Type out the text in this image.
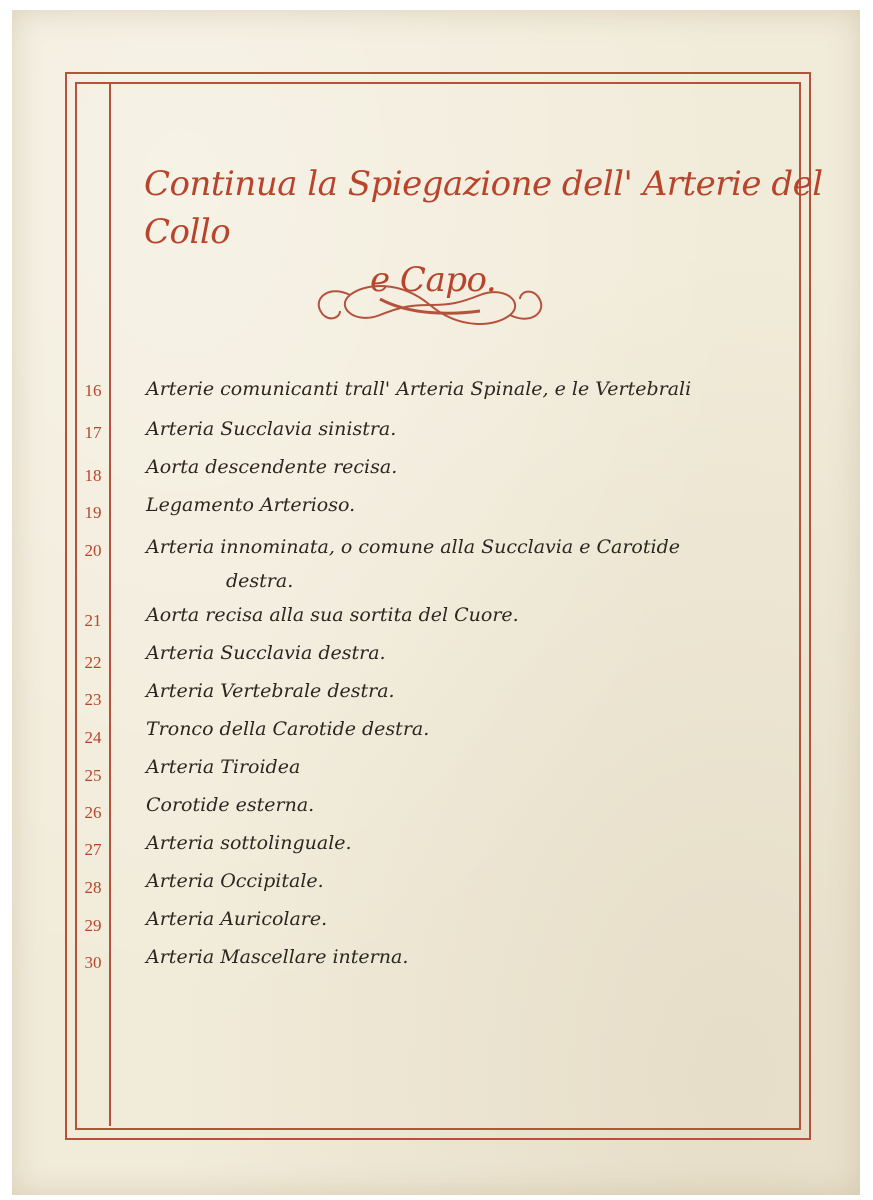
Continua la Spiegazione dell' Arterie del Collo
e Capo.
16	Arterie comunicanti trall' Arteria Spinale, e le Vertebrali
17	Arteria Succlavia sinistra.
18	Aorta descendente recisa.
19	Legamento Arterioso.
20	Arteria innominata, o comune alla Succlavia e Carotide
destra.
21	Aorta recisa alla sua sortita del Cuore.
22	Arteria Succlavia destra.
23	Arteria Vertebrale destra.
24	Tronco della Carotide destra.
25	Arteria Tiroidea
26	Corotide esterna.
27	Arteria sottolinguale.
28	Arteria Occipitale.
29	Arteria Auricolare.
30	Arteria Mascellare interna.
